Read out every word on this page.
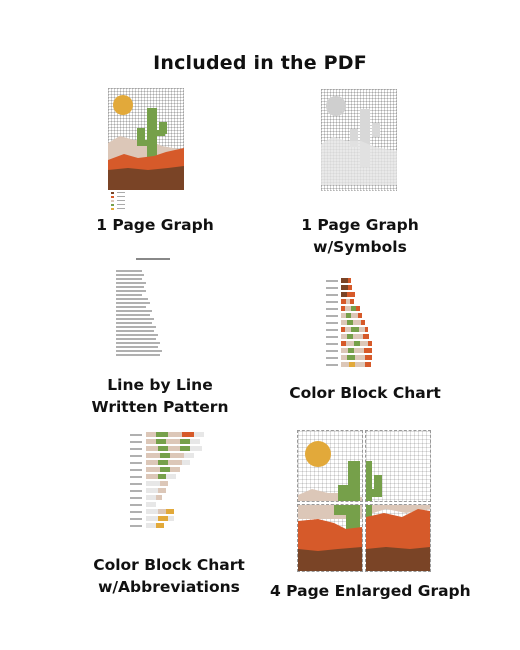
Included in the PDF
1 Page Graph	1 Page Graph
w/Symbols
Line by Line
Written Pattern
Color Block Chart
Color Block Chart
w/Abbreviations	4 Page Enlarged Graph
